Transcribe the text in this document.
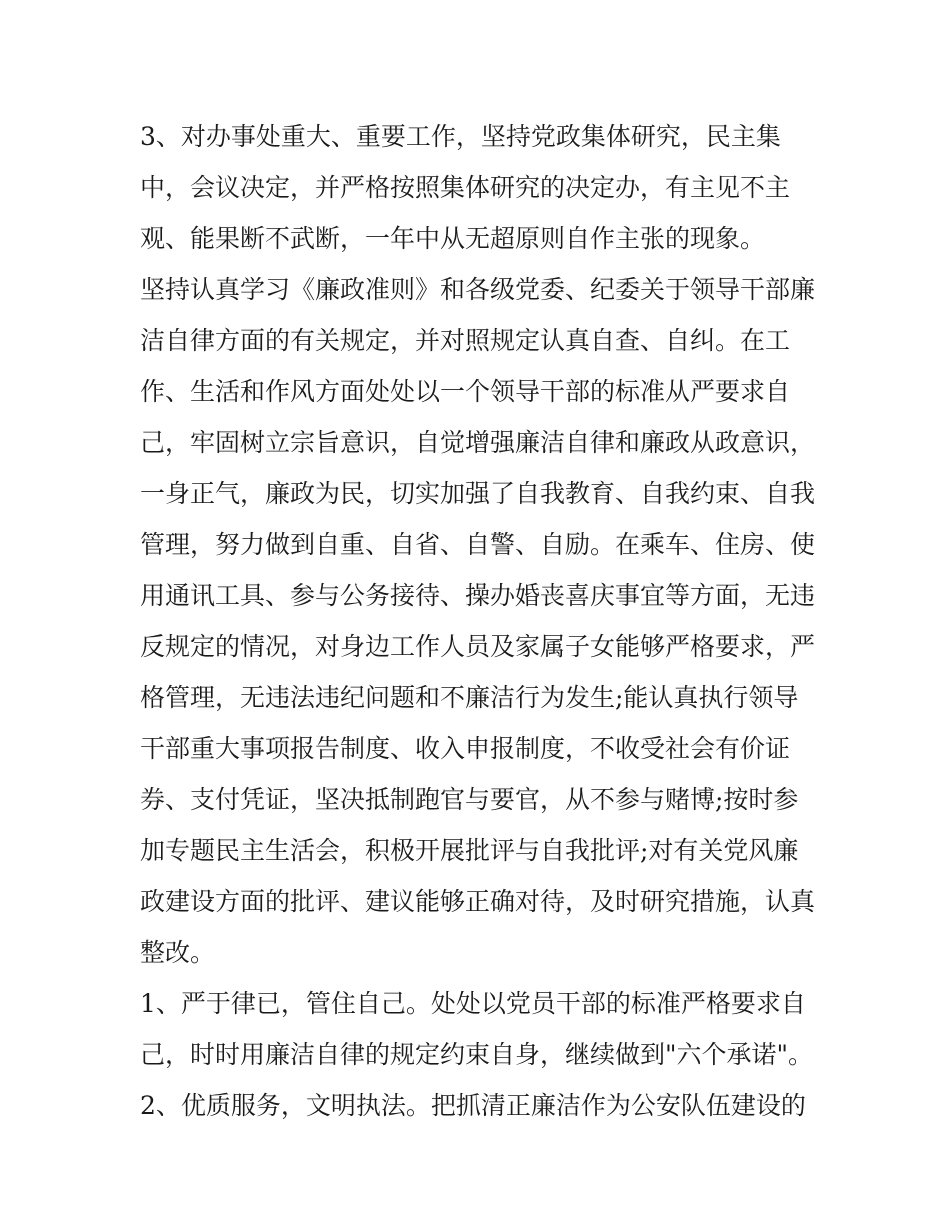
3、对办事处重大、重要工作，坚持党政集体研究，民主集
中，会议决定，并严格按照集体研究的决定办，有主见不主
观、能果断不武断，一年中从无超原则自作主张的现象。
坚持认真学习《廉政准则》和各级党委、纪委关于领导干部廉
洁自律方面的有关规定，并对照规定认真自查、自纠。在工
作、生活和作风方面处处以一个领导干部的标准从严要求自
己，牢固树立宗旨意识，自觉增强廉洁自律和廉政从政意识，
一身正气，廉政为民，切实加强了自我教育、自我约束、自我
管理，努力做到自重、自省、自警、自励。在乘车、住房、使
用通讯工具、参与公务接待、操办婚丧喜庆事宜等方面，无违
反规定的情况，对身边工作人员及家属子女能够严格要求，严
格管理，无违法违纪问题和不廉洁行为发生;能认真执行领导
干部重大事项报告制度、收入申报制度，不收受社会有价证
券、支付凭证，坚决抵制跑官与要官，从不参与赌博;按时参
加专题民主生活会，积极开展批评与自我批评;对有关党风廉
政建设方面的批评、建议能够正确对待，及时研究措施，认真
整改。
1、严于律已，管住自己。处处以党员干部的标准严格要求自
己，时时用廉洁自律的规定约束自身，继续做到"六个承诺"。
2、优质服务，文明执法。把抓清正廉洁作为公安队伍建设的
